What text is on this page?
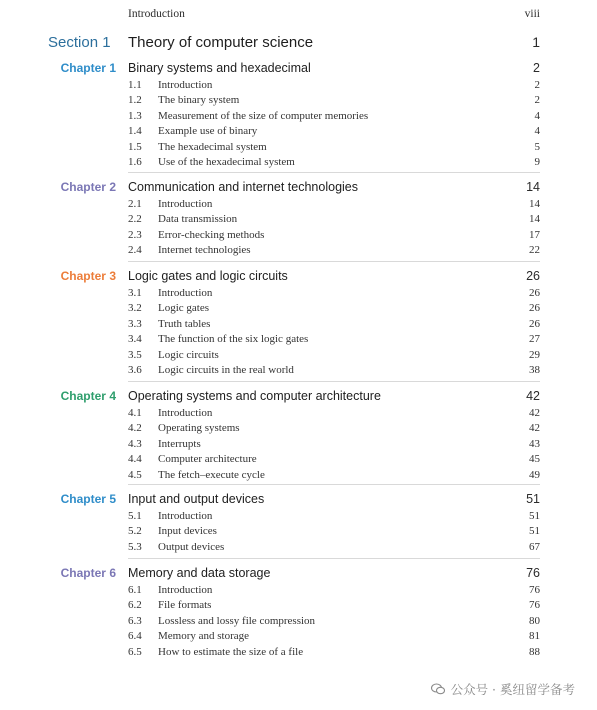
Introduction	viii
Section 1 Theory of computer science	1
Chapter 1 Binary systems and hexadecimal	2
1.1 Introduction	2
1.2 The binary system	2
1.3 Measurement of the size of computer memories	4
1.4 Example use of binary	4
1.5 The hexadecimal system	5
1.6 Use of the hexadecimal system	9
Chapter 2 Communication and internet technologies	14
2.1 Introduction	14
2.2 Data transmission	14
2.3 Error-checking methods	17
2.4 Internet technologies	22
Chapter 3 Logic gates and logic circuits	26
3.1 Introduction	26
3.2 Logic gates	26
3.3 Truth tables	26
3.4 The function of the six logic gates	27
3.5 Logic circuits	29
3.6 Logic circuits in the real world	38
Chapter 4 Operating systems and computer architecture	42
4.1 Introduction	42
4.2 Operating systems	42
4.3 Interrupts	43
4.4 Computer architecture	45
4.5 The fetch–execute cycle	49
Chapter 5 Input and output devices	51
5.1 Introduction	51
5.2 Input devices	51
5.3 Output devices	67
Chapter 6 Memory and data storage	76
6.1 Introduction	76
6.2 File formats	76
6.3 Lossless and lossy file compression	80
6.4 Memory and storage	81
6.5 How to estimate the size of a file	88
公众号 · 奚纽留学备考
